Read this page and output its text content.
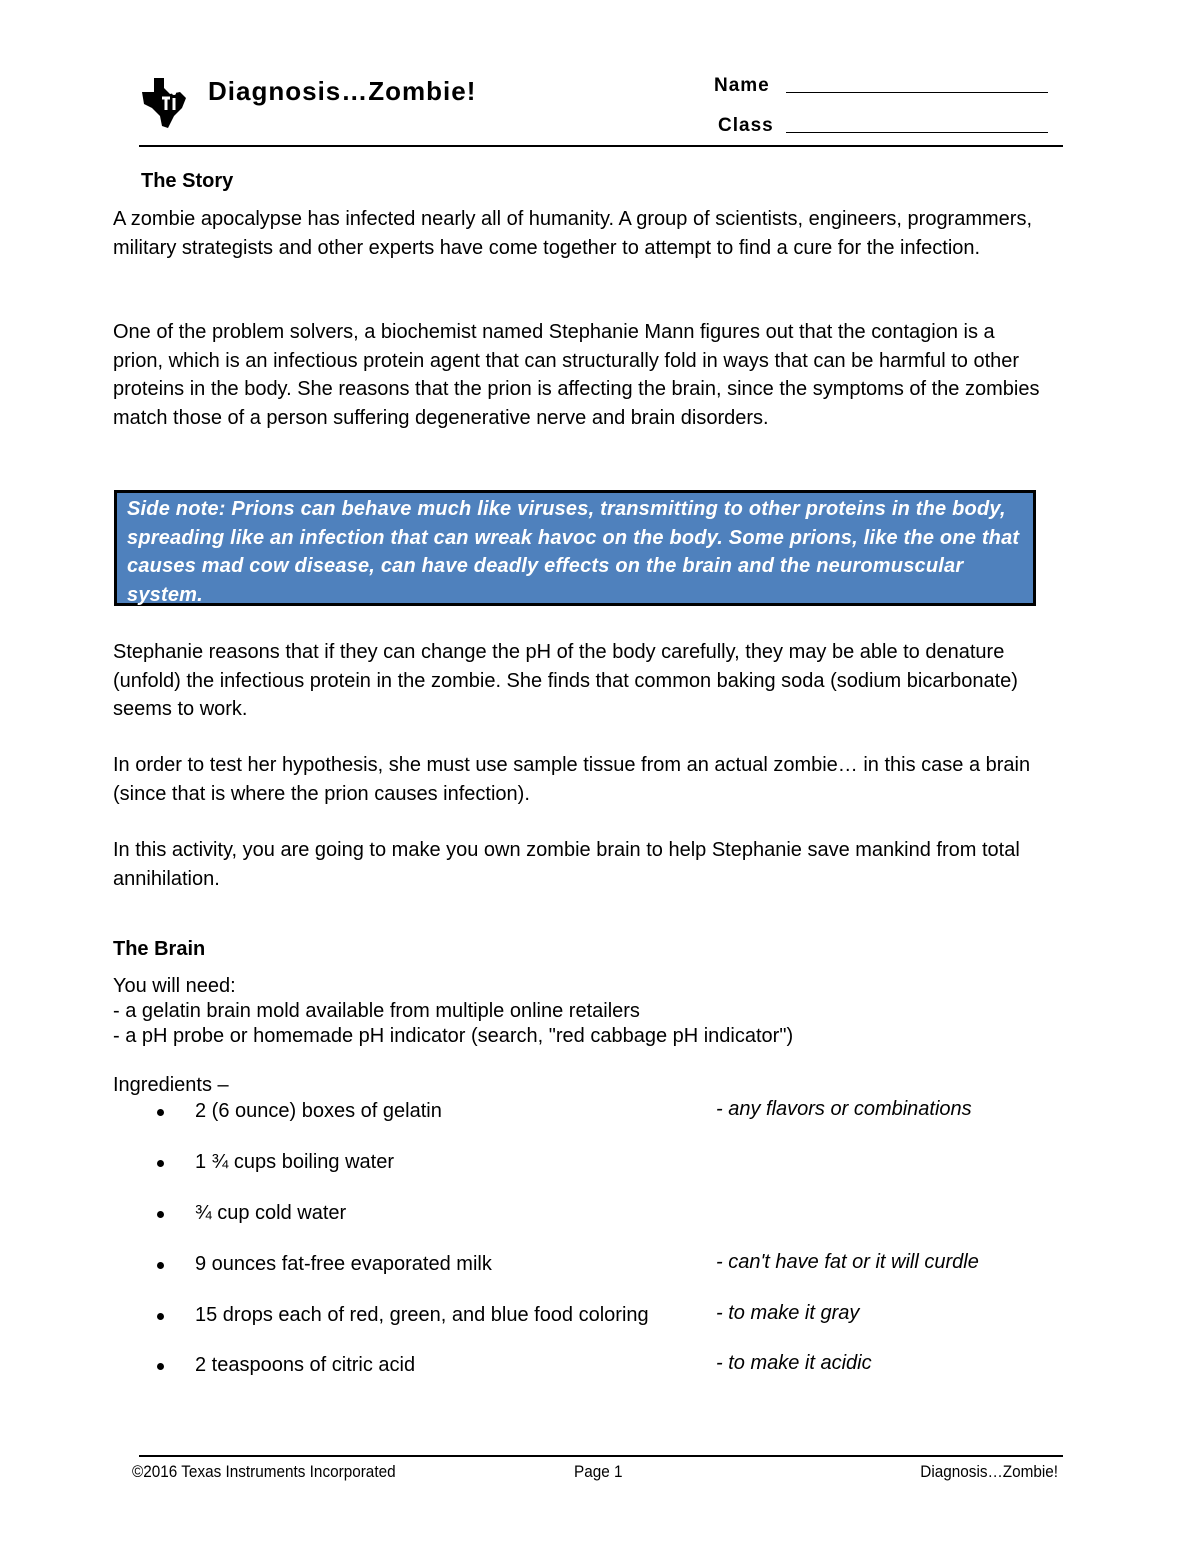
Diagnosis…Zombie!	Name
Class
The Story

A zombie apocalypse has infected nearly all of humanity. A group of scientists, engineers, programmers, military strategists and other experts have come together to attempt to find a cure for the infection.

One of the problem solvers, a biochemist named Stephanie Mann figures out that the contagion is a prion, which is an infectious protein agent that can structurally fold in ways that can be harmful to other proteins in the body. She reasons that the prion is affecting the brain, since the symptoms of the zombies match those of a person suffering degenerative nerve and brain disorders.

Side note: Prions can behave much like viruses, transmitting to other proteins in the body, spreading like an infection that can wreak havoc on the body. Some prions, like the one that causes mad cow disease, can have deadly effects on the brain and the neuromuscular system.

Stephanie reasons that if they can change the pH of the body carefully, they may be able to denature (unfold) the infectious protein in the zombie. She finds that common baking soda (sodium bicarbonate) seems to work.

In order to test her hypothesis, she must use sample tissue from an actual zombie… in this case a brain (since that is where the prion causes infection).

In this activity, you are going to make you own zombie brain to help Stephanie save mankind from total annihilation.

The Brain
You will need:
- a gelatin brain mold available from multiple online retailers
- a pH probe or homemade pH indicator (search, "red cabbage pH indicator")
Ingredients –
2 (6 ounce) boxes of gelatin	- any flavors or combinations
1 ¾ cups boiling water
¾ cup cold water
9 ounces fat-free evaporated milk	- can't have fat or it will curdle
15 drops each of red, green, and blue food coloring	- to make it gray
2 teaspoons of citric acid	- to make it acidic
©2016 Texas Instruments Incorporated	Page 1	Diagnosis…Zombie!
